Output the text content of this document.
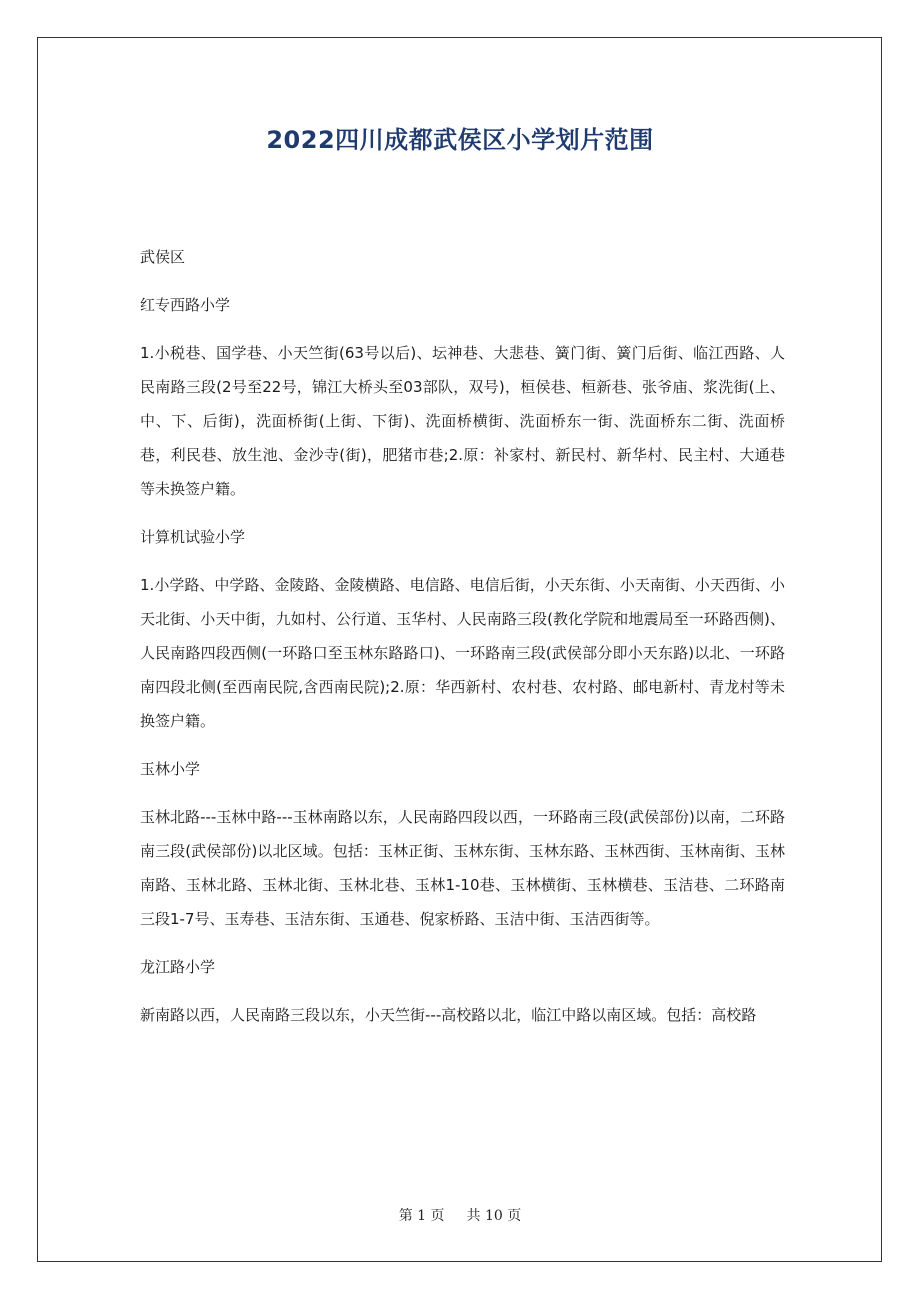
2022四川成都武侯区小学划片范围

武侯区

红专西路小学

1.小税巷、国学巷、小天竺街(63号以后)、坛神巷、大悲巷、簧门街、簧门后街、临江西路、人民南路三段(2号至22号，锦江大桥头至03部队，双号)，桓侯巷、桓新巷、张爷庙、浆洗街(上、中、下、后街)，洗面桥街(上街、下街)、洗面桥横街、洗面桥东一街、洗面桥东二街、洗面桥巷，利民巷、放生池、金沙寺(街)，肥猪市巷;2.原：补家村、新民村、新华村、民主村、大通巷等未换签户籍。

计算机试验小学

1.小学路、中学路、金陵路、金陵横路、电信路、电信后街，小天东街、小天南街、小天西街、小天北街、小天中街，九如村、公行道、玉华村、人民南路三段(教化学院和地震局至一环路西侧)、人民南路四段西侧(一环路口至玉林东路路口)、一环路南三段(武侯部分即小天东路)以北、一环路南四段北侧(至西南民院,含西南民院);2.原：华西新村、农村巷、农村路、邮电新村、青龙村等未换签户籍。

玉林小学

玉林北路---玉林中路---玉林南路以东，人民南路四段以西，一环路南三段(武侯部份)以南，二环路南三段(武侯部份)以北区域。包括：玉林正街、玉林东街、玉林东路、玉林西街、玉林南街、玉林南路、玉林北路、玉林北街、玉林北巷、玉林1-10巷、玉林横街、玉林横巷、玉洁巷、二环路南三段1-7号、玉寿巷、玉洁东街、玉通巷、倪家桥路、玉洁中街、玉洁西街等。

龙江路小学

新南路以西，人民南路三段以东，小天竺街---高校路以北，临江中路以南区域。包括：高校路

第 1 页 共 10 页
